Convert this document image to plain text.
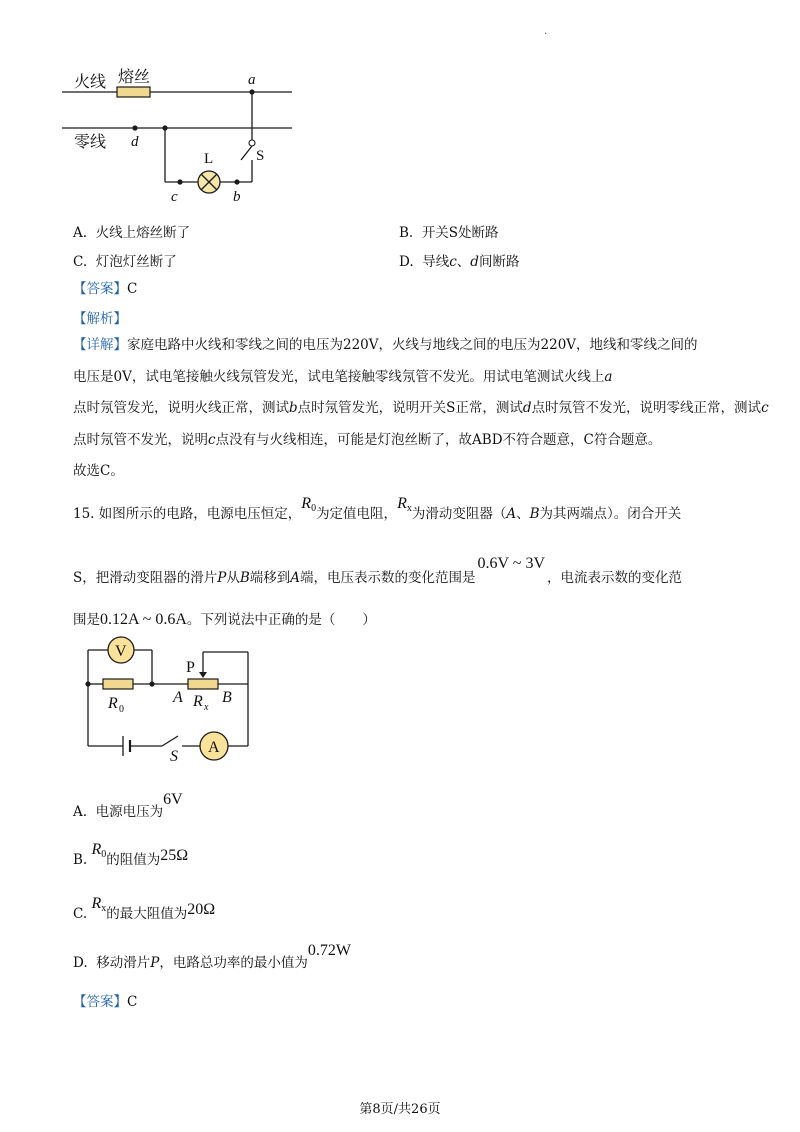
.
火线 熔丝
零线
a
d
c	b
L	S
A. 火线上熔丝断了	B. 开关S处断路
C. 灯泡灯丝断了	D. 导线c、d间断路
【答案】C
【解析】

【详解】家庭电路中火线和零线之间的电压为220V，火线与地线之间的电压为220V，地线和零线之间的

电压是0V，试电笔接触火线氖管发光，试电笔接触零线氖管不发光。用试电笔测试火线上a

点时氖管发光，说明火线正常，测试b点时氖管发光，说明开关S正常，测试d点时氖管不发光，说明零线正常，测试c

点时氖管不发光，说明c点没有与火线相连，可能是灯泡丝断了，故ABD不符合题意，C符合题意。

故选C。

15. 如图所示的电路，电源电压恒定，$R_0$为定值电阻，$R_x$为滑动变阻器（A、B为其两端点）。闭合开关
S，把滑动变阻器的滑片P从B端移到A端，电压表示数的变化范围是0.6V ~ 3V，电流表示数的变化范
围是0.12A ~ 0.6A。下列说法中正确的是（　　）
V
A
P
R 0
A R x
B
S
A. 电源电压为6V
B. $R_0$的阻值为25Ω
C. $R_x$的最大阻值为20Ω
D. 移动滑片P，电路总功率的最小值为0.72W
【答案】C
第8页/共26页
